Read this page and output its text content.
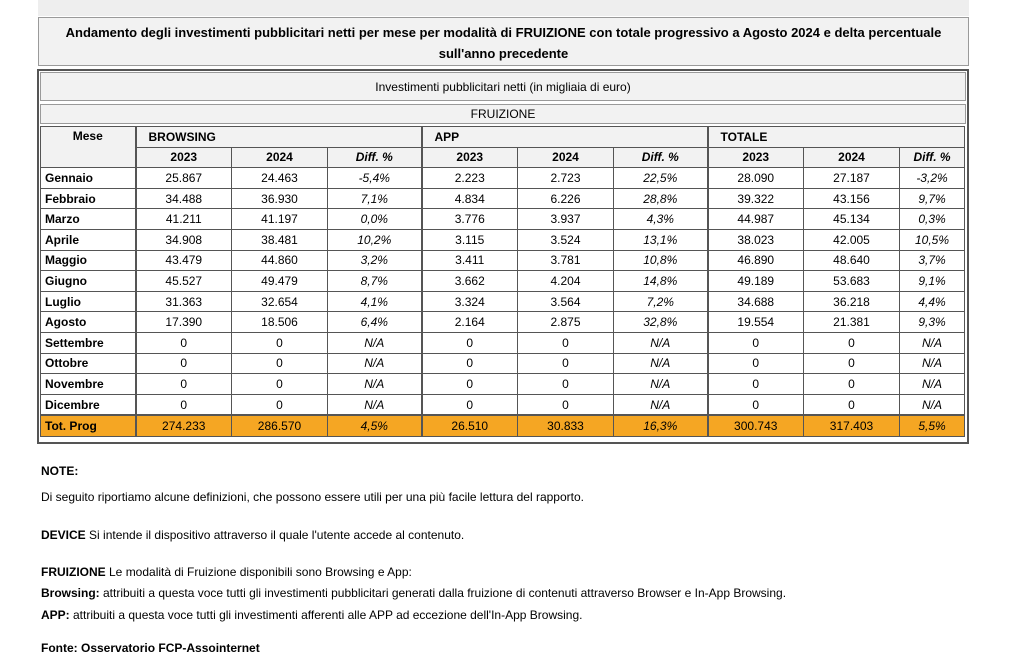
Andamento degli investimenti pubblicitari netti per mese per modalità di FRUIZIONE con totale progressivo a Agosto 2024 e delta percentuale sull'anno precedente
Investimenti pubblicitari netti (in migliaia di euro)
FRUIZIONE
Mese	BROWSING			APP			TOTALE		
	2023	2024	Diff. %	2023	2024	Diff. %	2023	2024	Diff. %
Gennaio	25.867	24.463	-5,4%	2.223	2.723	22,5%	28.090	27.187	-3,2%
Febbraio	34.488	36.930	7,1%	4.834	6.226	28,8%	39.322	43.156	9,7%
Marzo	41.211	41.197	0,0%	3.776	3.937	4,3%	44.987	45.134	0,3%
Aprile	34.908	38.481	10,2%	3.115	3.524	13,1%	38.023	42.005	10,5%
Maggio	43.479	44.860	3,2%	3.411	3.781	10,8%	46.890	48.640	3,7%
Giugno	45.527	49.479	8,7%	3.662	4.204	14,8%	49.189	53.683	9,1%
Luglio	31.363	32.654	4,1%	3.324	3.564	7,2%	34.688	36.218	4,4%
Agosto	17.390	18.506	6,4%	2.164	2.875	32,8%	19.554	21.381	9,3%
Settembre	0	0	N/A	0	0	N/A	0	0	N/A
Ottobre	0	0	N/A	0	0	N/A	0	0	N/A
Novembre	0	0	N/A	0	0	N/A	0	0	N/A
Dicembre	0	0	N/A	0	0	N/A	0	0	N/A
Tot. Prog	274.233	286.570	4,5%	26.510	30.833	16,3%	300.743	317.403	5,5%

NOTE:

Di seguito riportiamo alcune definizioni, che possono essere utili per una più facile lettura del rapporto.

DEVICE Si intende il dispositivo attraverso il quale l'utente accede al contenuto.

FRUIZIONE Le modalità di Fruizione disponibili sono Browsing e App:

Browsing: attribuiti a questa voce tutti gli investimenti pubblicitari generati dalla fruizione di contenuti attraverso Browser e In-App Browsing.

APP: attribuiti a questa voce tutti gli investimenti afferenti alle APP ad eccezione dell'In-App Browsing.

Fonte: Osservatorio FCP-Assointernet
